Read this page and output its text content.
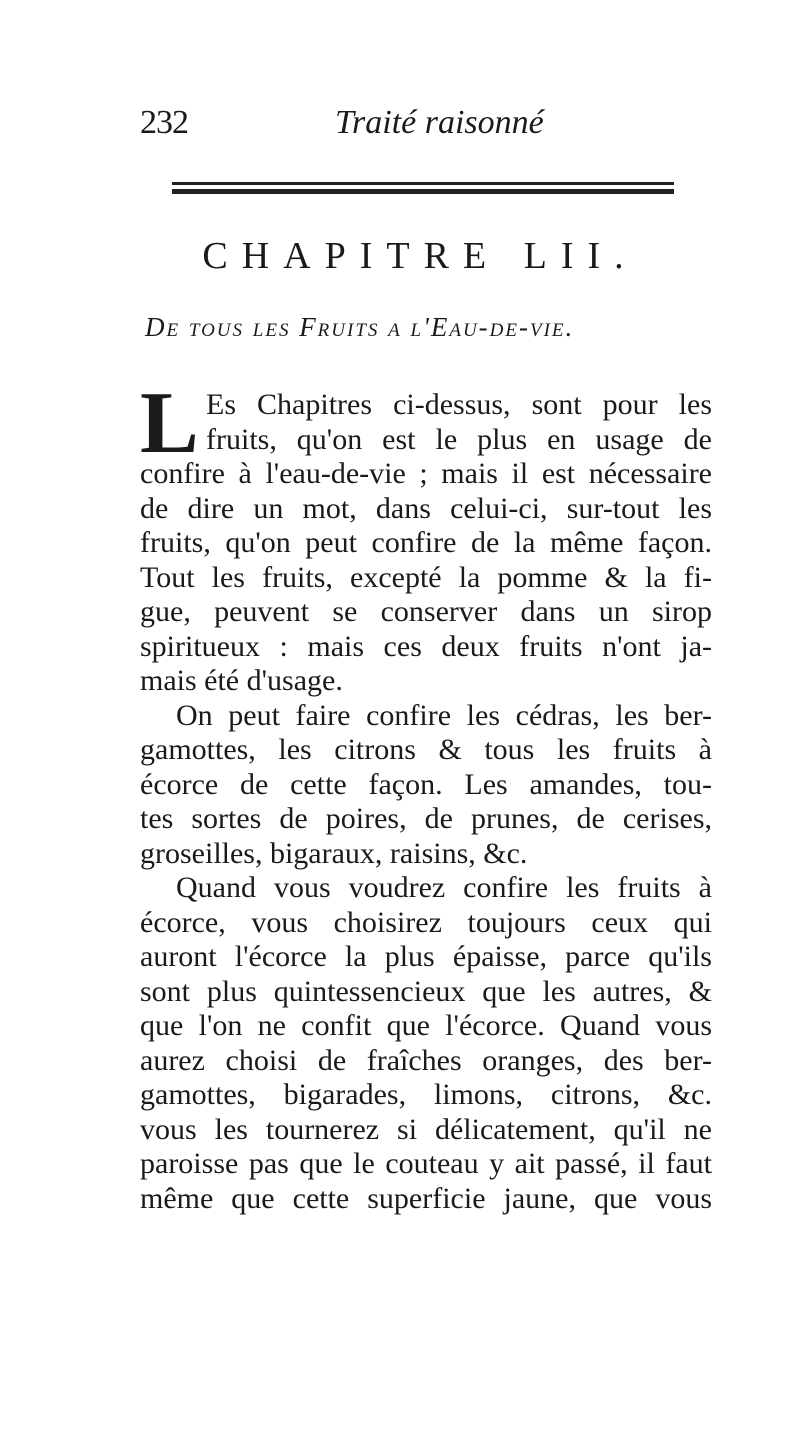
232	Traité raisonné
CHAPITRE LII.
De tous les Fruits a l'Eau-de-vie.
L Es Chapitres ci-dessus, sont pour les
fruits, qu'on est le plus en usage de
confire à l'eau-de-vie ; mais il est nécessaire
de dire un mot, dans celui-ci, sur-tout les
fruits, qu'on peut confire de la même façon.
Tout les fruits, excepté la pomme & la fi-
gue, peuvent se conserver dans un sirop
spiritueux : mais ces deux fruits n'ont ja-
mais été d'usage.
On peut faire confire les cédras, les ber-
gamottes, les citrons & tous les fruits à
écorce de cette façon. Les amandes, tou-
tes sortes de poires, de prunes, de cerises,
groseilles, bigaraux, raisins, &c.
Quand vous voudrez confire les fruits à
écorce, vous choisirez toujours ceux qui
auront l'écorce la plus épaisse, parce qu'ils
sont plus quintessencieux que les autres, &
que l'on ne confit que l'écorce. Quand vous
aurez choisi de fraîches oranges, des ber-
gamottes, bigarades, limons, citrons, &c.
vous les tournerez si délicatement, qu'il ne
paroisse pas que le couteau y ait passé, il faut
même que cette superficie jaune, que vous
